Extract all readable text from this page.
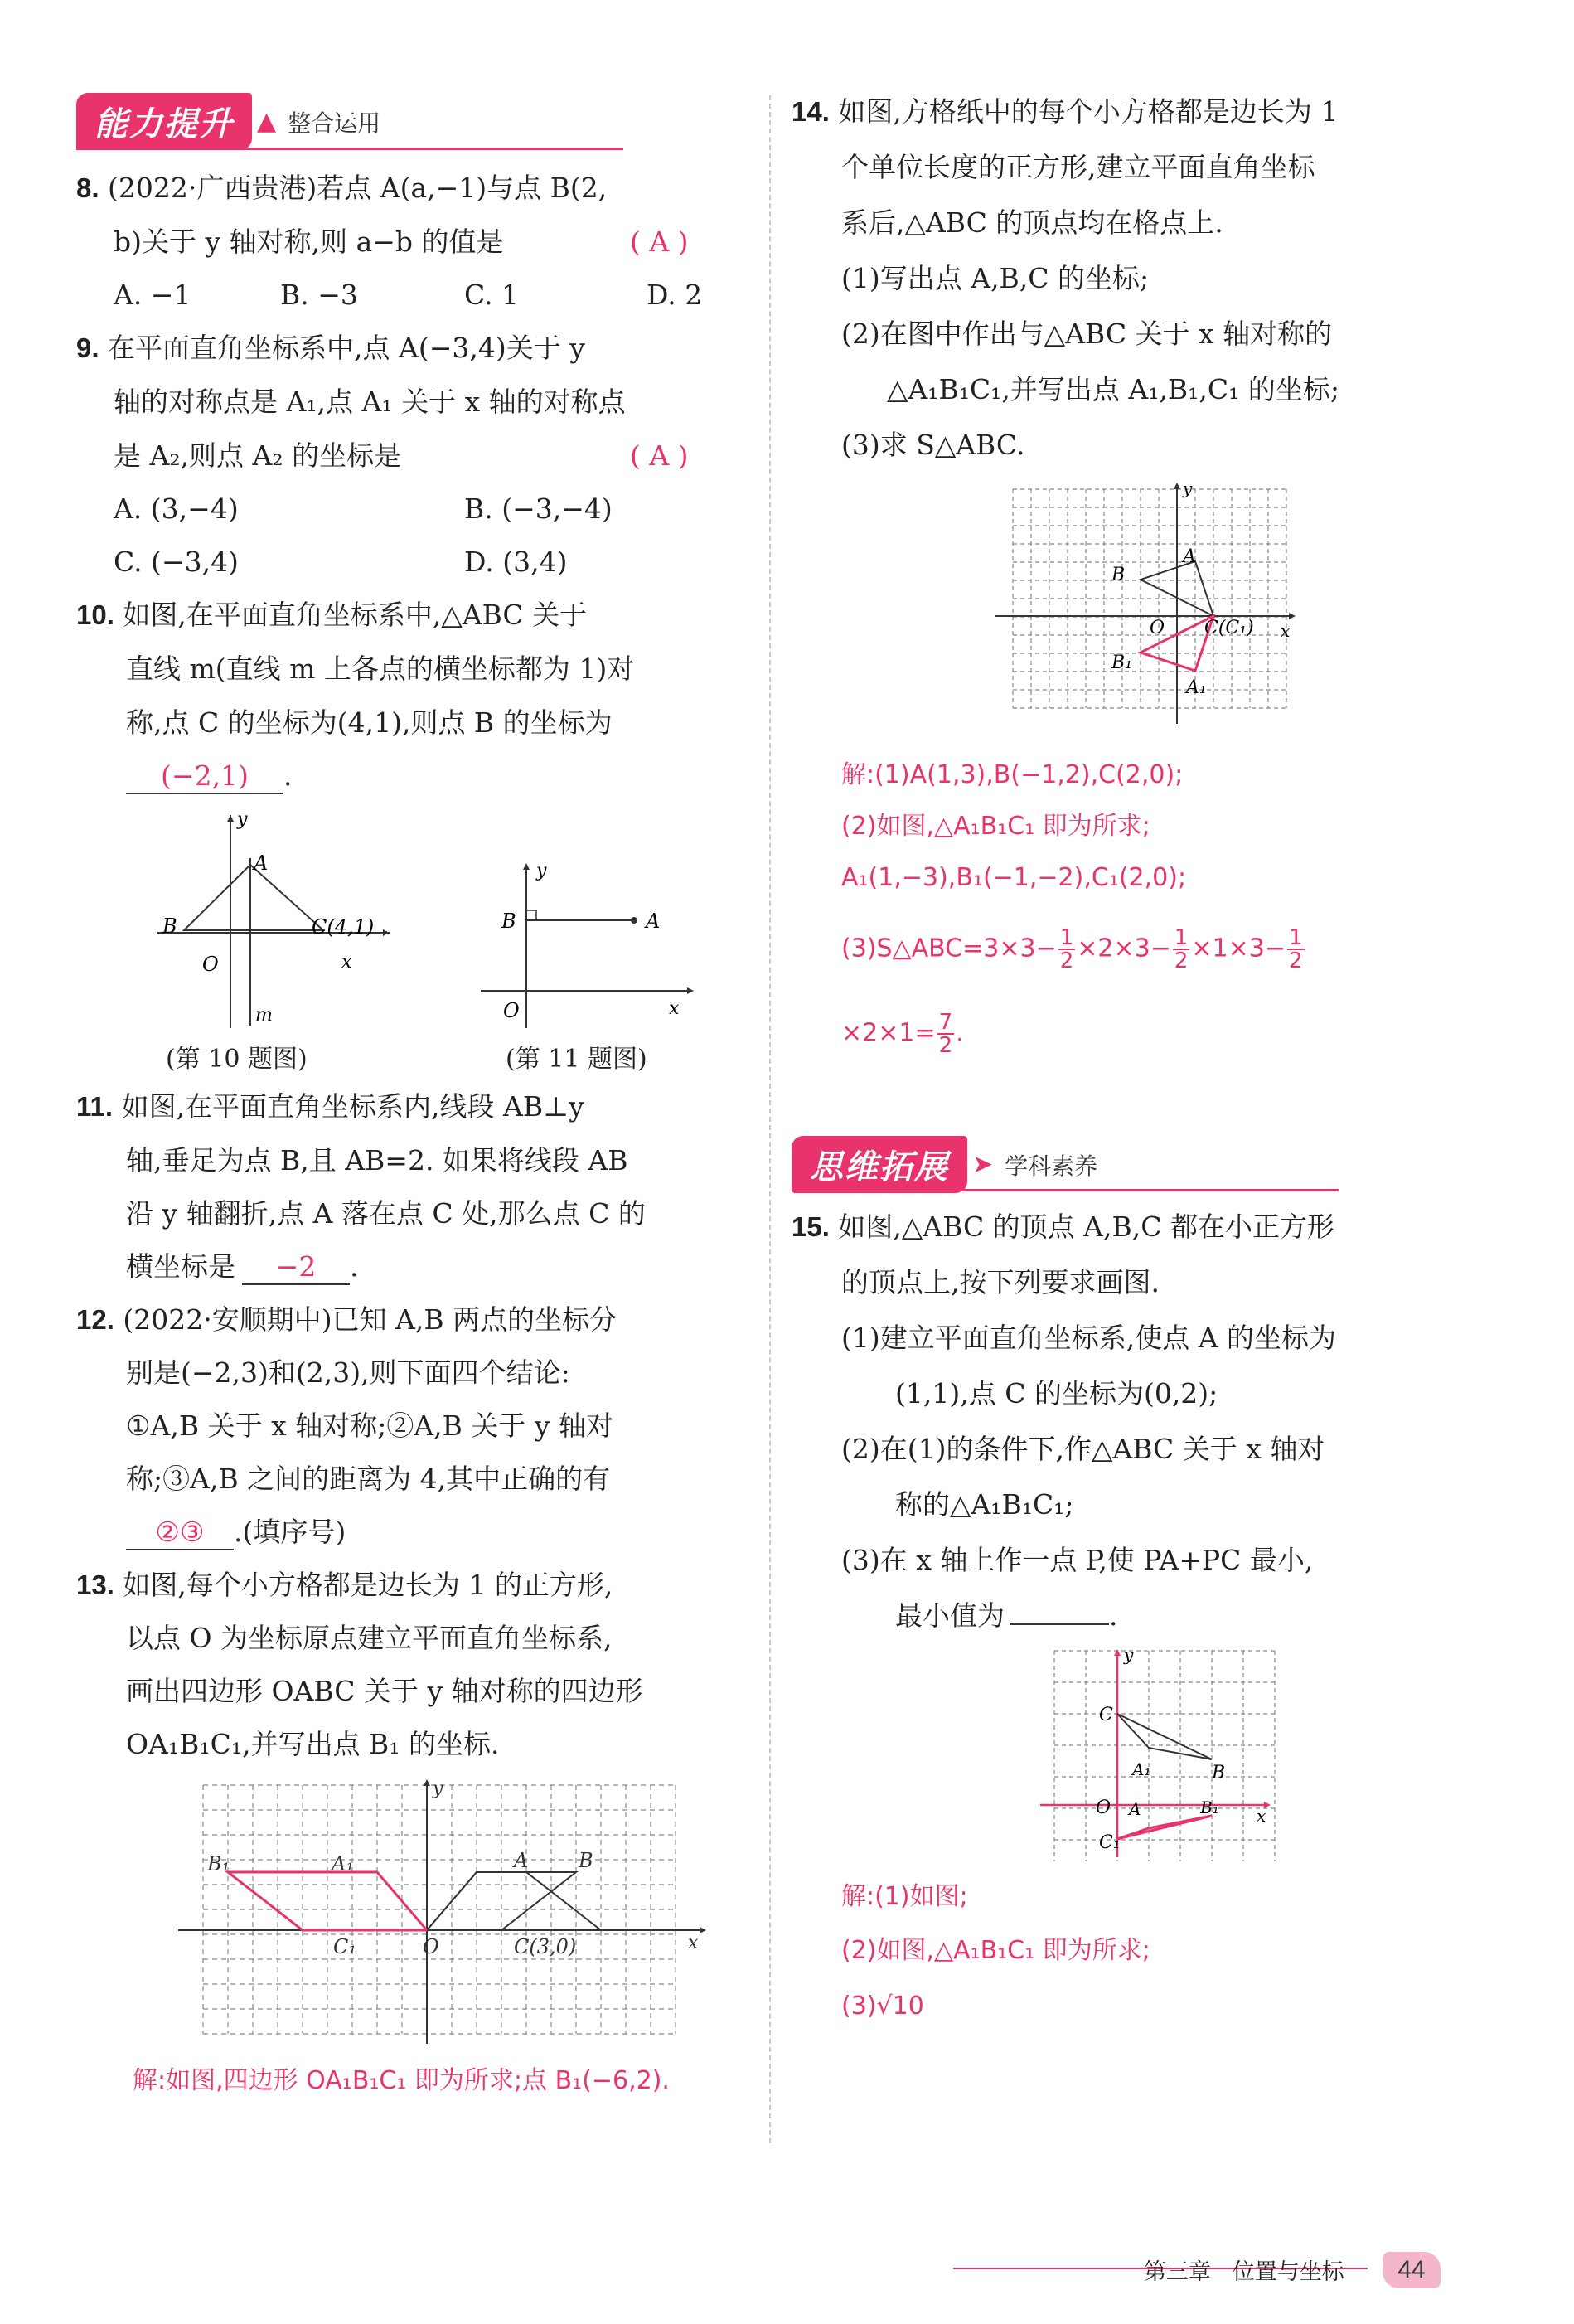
能力提升 ▲ 整合运用
8. (2022·广西贵港)若点 A(a,−1)与点 B(2,
b)关于 y 轴对称,则 a−b 的值是	( A )
A. −1	B. −3	C. 1	D. 2
9. 在平面直角坐标系中,点 A(−3,4)关于 y
轴的对称点是 A₁,点 A₁ 关于 x 轴的对称点
是 A₂,则点 A₂ 的坐标是	( A )
A. (3,−4)	B. (−3,−4)
C. (−3,4)	D. (3,4)
10. 如图,在平面直角坐标系中,△ABC 关于
直线 m(直线 m 上各点的横坐标都为 1)对
称,点 C 的坐标为(4,1),则点 B 的坐标为
(−2,1) .
y
A
B	C(4,1)
O	x
m
(第 10 题图)
y
B	A
O	x
(第 11 题图)
11. 如图,在平面直角坐标系内,线段 AB⊥y
轴,垂足为点 B,且 AB=2. 如果将线段 AB
沿 y 轴翻折,点 A 落在点 C 处,那么点 C 的
横坐标是 −2 .
12. (2022·安顺期中)已知 A,B 两点的坐标分
别是(−2,3)和(2,3),则下面四个结论:
①A,B 关于 x 轴对称;②A,B 关于 y 轴对
称;③A,B 之间的距离为 4,其中正确的有
②③ .(填序号)
13. 如图,每个小方格都是边长为 1 的正方形,
以点 O 为坐标原点建立平面直角坐标系,
画出四边形 OABC 关于 y 轴对称的四边形
OA₁B₁C₁,并写出点 B₁ 的坐标.
B₁	A₁
C₁
A	B
C(3,0)
O	x
y
解:如图,四边形 OA₁B₁C₁ 即为所求;点 B₁(−6,2).
14. 如图,方格纸中的每个小方格都是边长为 1
个单位长度的正方形,建立平面直角坐标
系后,△ABC 的顶点均在格点上.
(1)写出点 A,B,C 的坐标;
(2)在图中作出与△ABC 关于 x 轴对称的
△A₁B₁C₁,并写出点 A₁,B₁,C₁ 的坐标;
(3)求 S△ABC.
A
B
C(C₁)
O
B₁
A₁
x
y
解:(1)A(1,3),B(−1,2),C(2,0);
(2)如图,△A₁B₁C₁ 即为所求;
A₁(1,−3),B₁(−1,−2),C₁(2,0);
(3)S△ABC=3×3− $\frac{1}{2} \times 2\times 3- \frac{1}{2} \times 1\times 3- \frac{1}{2}$
$\times 2\times 1= \frac{7}{2}$ .
思维拓展 ➤ 学科素养
15. 如图,△ABC 的顶点 A,B,C 都在小正方形
的顶点上,按下列要求画图.
(1)建立平面直角坐标系,使点 A 的坐标为
(1,1),点 C 的坐标为(0,2);
(2)在(1)的条件下,作△ABC 关于 x 轴对
称的△A₁B₁C₁;
(3)在 x 轴上作一点 P,使 PA+PC 最小,
最小值为	.
C
A₁	B
O A	B₁
C₁
x
y
解:(1)如图;
(2)如图,△A₁B₁C₁ 即为所求;
(3)√10
第三章 位置与坐标	44
